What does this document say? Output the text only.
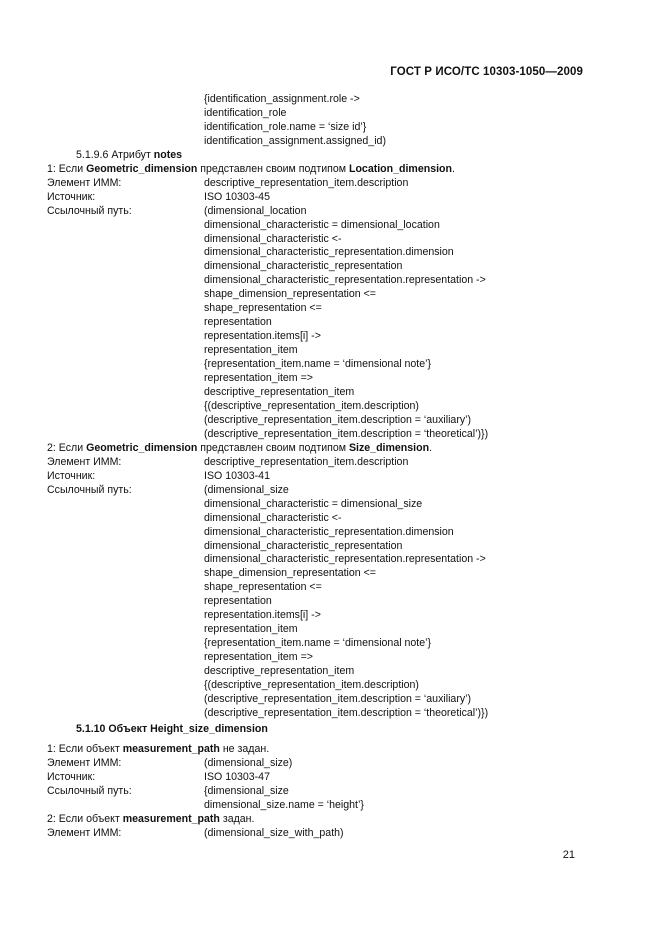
ГОСТ Р ИСО/ТС 10303-1050—2009
{identification_assignment.role ->
identification_role
identification_role.name = ‘size id’}
identification_assignment.assigned_id)
5.1.9.6 Атрибут notes
1: Если Geometric_dimension представлен своим подтипом Location_dimension.
Элемент ИММ:	descriptive_representation_item.description
Источник:	ISO 10303-45
Ссылочный путь:	(dimensional_location
dimensional_characteristic = dimensional_location
dimensional_characteristic <-
dimensional_characteristic_representation.dimension
dimensional_characteristic_representation
dimensional_characteristic_representation.representation ->
shape_dimension_representation <=
shape_representation <=
representation
representation.items[i] ->
representation_item
{representation_item.name = ‘dimensional note’}
representation_item =>
descriptive_representation_item
{(descriptive_representation_item.description)
(descriptive_representation_item.description = ‘auxiliary’)
(descriptive_representation_item.description = ‘theoretical’)})
2: Если Geometric_dimension представлен своим подтипом Size_dimension.
Элемент ИММ:	descriptive_representation_item.description
Источник:	ISO 10303-41
Ссылочный путь:	(dimensional_size
dimensional_characteristic = dimensional_size
dimensional_characteristic <-
dimensional_characteristic_representation.dimension
dimensional_characteristic_representation
dimensional_characteristic_representation.representation ->
shape_dimension_representation <=
shape_representation <=
representation
representation.items[i] ->
representation_item
{representation_item.name = ‘dimensional note’}
representation_item =>
descriptive_representation_item
{(descriptive_representation_item.description)
(descriptive_representation_item.description = ‘auxiliary’)
(descriptive_representation_item.description = ‘theoretical’)})
5.1.10 Объект Height_size_dimension
1: Если объект measurement_path не задан.
Элемент ИММ:	(dimensional_size)
Источник:	ISO 10303-47
Ссылочный путь:	{dimensional_size
dimensional_size.name = ‘height’}
2: Если объект measurement_path задан.
Элемент ИММ:	(dimensional_size_with_path)
21
